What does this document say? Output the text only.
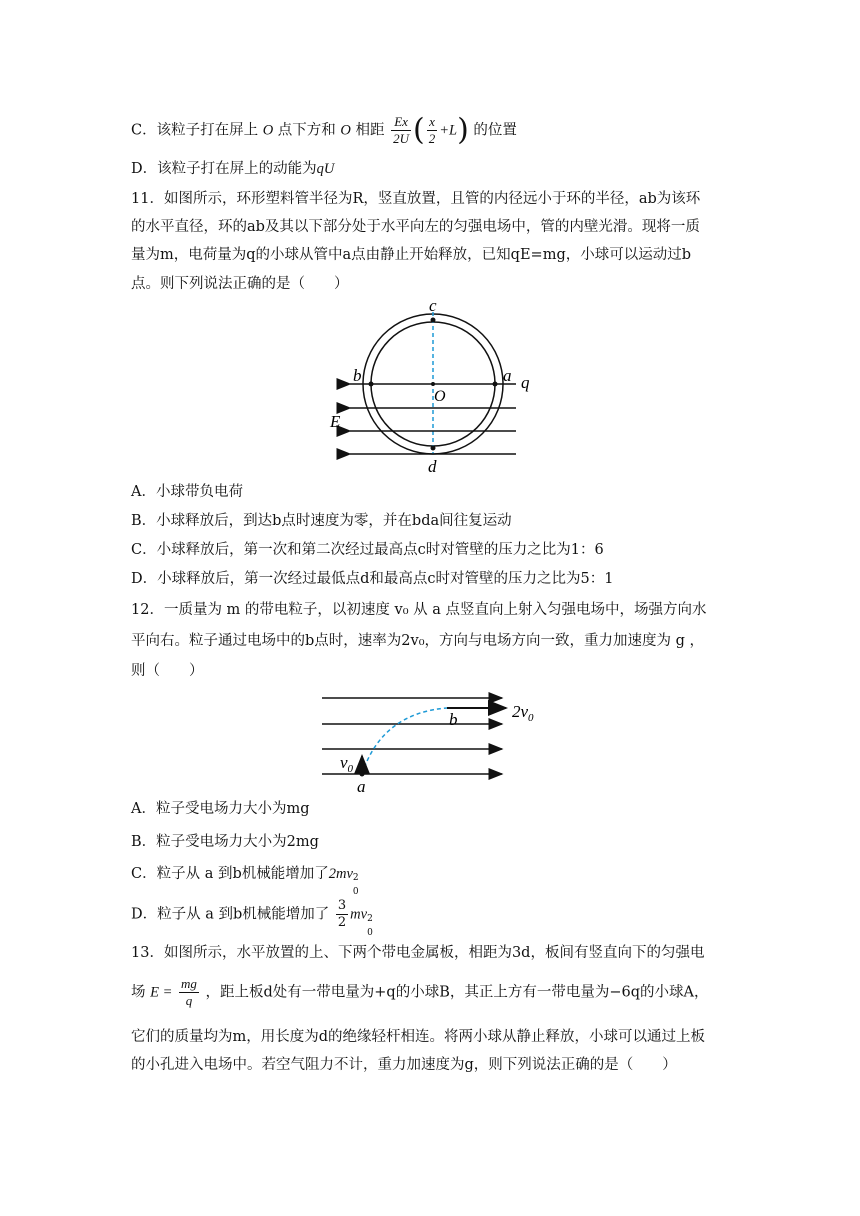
C．该粒子打在屏上 O 点下方和 O 相距 $\frac{Ex}{2U}$ ( $\frac{x}{2} +L$) 的位置
D．该粒子打在屏上的动能为qU
11．如图所示，环形塑料管半径为R，竖直放置，且管的内径远小于环的半径，ab为该环
的水平直径，环的ab及其以下部分处于水平向左的匀强电场中，管的内壁光滑。现将一质
量为m，电荷量为q的小球从管中a点由静止开始释放，已知qE=mg，小球可以运动过b
点。则下列说法正确的是（　　）
c
b
O
a q
E
d
A．小球带负电荷
B．小球释放后，到达b点时速度为零，并在bda间往复运动
C．小球释放后，第一次和第二次经过最高点c时对管壁的压力之比为1：6
D．小球释放后，第一次经过最低点d和最高点c时对管壁的压力之比为5：1
12．一质量为 m 的带电粒子，以初速度 v₀ 从 a 点竖直向上射入匀强电场中，场强方向水
平向右。粒子通过电场中的b点时，速率为2v₀，方向与电场方向一致，重力加速度为 g ，
则（　　）
b	$2v_0$
$v_0$
a
A．粒子受电场力大小为mg
B．粒子受电场力大小为2mg
C．粒子从 a 到b机械能增加了2mv 2
0
D．粒子从 a 到b机械能增加了 $\frac{3}{2}$ mv 2
0
13．如图所示，水平放置的上、下两个带电金属板，相距为3d，板间有竖直向下的匀强电
场 $E = \frac{mg}{q}$ ，距上板d处有一带电量为+q的小球B，其正上方有一带电量为−6q的小球A，
它们的质量均为m，用长度为d的绝缘轻杆相连。将两小球从静止释放，小球可以通过上板
的小孔进入电场中。若空气阻力不计，重力加速度为g，则下列说法正确的是（　　）
